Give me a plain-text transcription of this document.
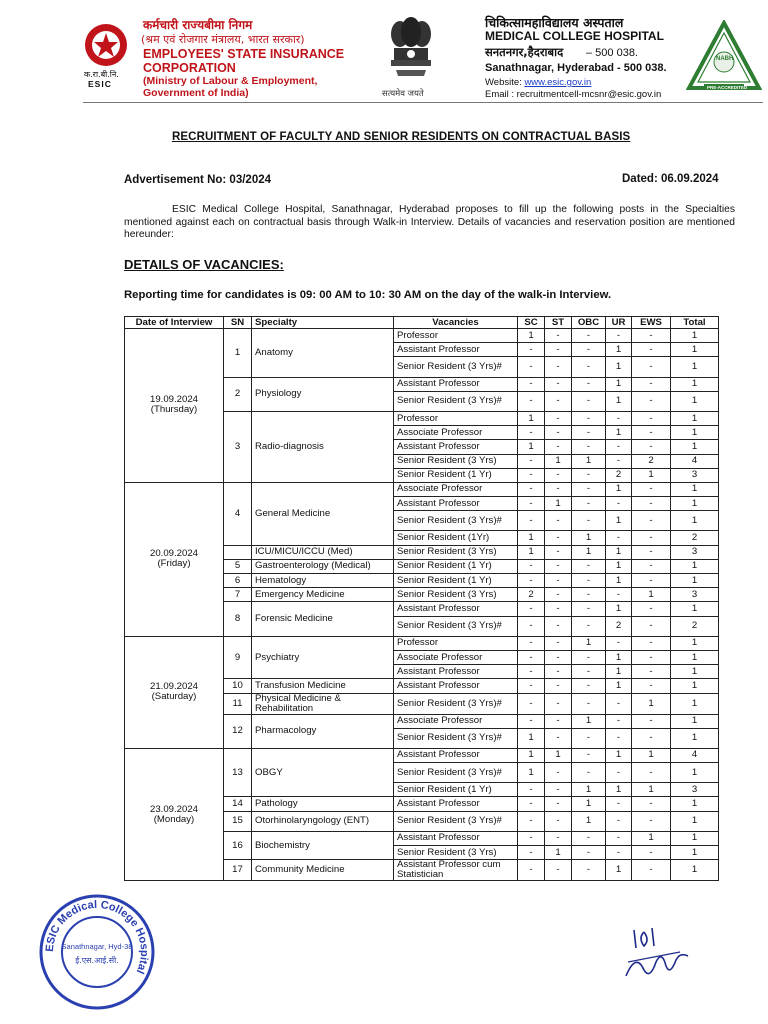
क.रा.बी.नि.
ESIC
कर्मचारी राज्यबीमा निगम
(श्रम एवं रोजगार मंत्रालय, भारत सरकार)
EMPLOYEES' STATE INSURANCE
CORPORATION
(Ministry of Labour & Employment,
Government of India)	सत्यमेव जयते
चिकित्सामहाविद्यालय अस्पताल
MEDICAL COLLEGE HOSPITAL
सनतनगर,हैदराबाद – 500 038.
Sanathnagar, Hyderabad - 500 038.
Website: www.esic.gov.in
Email : recruitmentcell-mcsnr@esic.gov.in
NABH
PRE-ACCREDITED
RECRUITMENT OF FACULTY AND SENIOR RESIDENTS ON CONTRACTUAL BASIS
Advertisement No: 03/2024	Dated: 06.09.2024
ESIC Medical College Hospital, Sanathnagar, Hyderabad proposes to fill up the following posts in the Specialties mentioned against each on contractual basis through Walk-in Interview. Details of vacancies and reservation position are mentioned hereunder:
DETAILS OF VACANCIES:
Reporting time for candidates is 09: 00 AM to 10: 30 AM on the day of the walk-in Interview.
Date of Interview	SN	Specialty	Vacancies	SC	ST	OBC	UR	EWS	Total

19.09.2024
(Thursday)	1	Anatomy	Professor	1	-	-	-	-	1
			Assistant Professor	-	-	-	1	-	1
			Senior Resident (3 Yrs)#	-	-	-	1	-	1
	2	Physiology	Assistant Professor	-	-	-	1	-	1
			Senior Resident (3 Yrs)#	-	-	-	1	-	1
	3	Radio-diagnosis	Professor	1	-	-	-	-	1
			Associate Professor	-	-	-	1	-	1
			Assistant Professor	1	-	-	-	-	1
			Senior Resident (3 Yrs)	-	1	1	-	2	4
			Senior Resident (1 Yr)	-	-	-	2	1	3

20.09.2024
(Friday)	4	General Medicine	Associate Professor	-	-	-	1	-	1
			Assistant Professor	-	1	-	-	-	1
			Senior Resident (3 Yrs)#	-	-	-	1	-	1
			Senior Resident (1Yr)	1	-	1	-	-	2
		ICU/MICU/ICCU (Med)	Senior Resident (3 Yrs)	1	-	1	1	-	3
	5	Gastroenterology (Medical)	Senior Resident (1 Yr)	-	-	-	1	-	1
	6	Hematology	Senior Resident (1 Yr)	-	-	-	1	-	1
	7	Emergency Medicine	Senior Resident (3 Yrs)	2	-	-	-	1	3
	8	Forensic Medicine	Assistant Professor	-	-	-	1	-	1
			Senior Resident (3 Yrs)#	-	-	-	2	-	2

21.09.2024
(Saturday)	9	Psychiatry	Professor	-	-	1	-	-	1
			Associate Professor	-	-	-	1	-	1
			Assistant Professor	-	-	-	1	-	1
	10	Transfusion Medicine	Assistant Professor	-	-	-	1	-	1
	11	Physical Medicine & Rehabilitation	Senior Resident (3 Yrs)#	-	-	-	-	1	1
	12	Pharmacology	Associate Professor	-	-	1	-	-	1
			Senior Resident (3 Yrs)#	1	-	-	-	-	1

23.09.2024
(Monday)	13	OBGY	Assistant Professor	1	1	-	1	1	4
			Senior Resident (3 Yrs)#	1	-	-	-	-	1
			Senior Resident (1 Yr)	-	-	1	1	1	3
	14	Pathology	Assistant Professor	-	-	1	-	-	1
	15	Otorhinolaryngology (ENT)	Senior Resident (3 Yrs)#	-	-	1	-	-	1
	16	Biochemistry	Assistant Professor	-	-	-	-	1	1
			Senior Resident (3 Yrs)	-	1	-	-	-	1
	17	Community Medicine	Assistant Professor cum Statistician	-	-	-	1	-	1
ESIC Medical College Hospital
Sanathnagar, Hyd-38
ई.एस.आई.सी.
